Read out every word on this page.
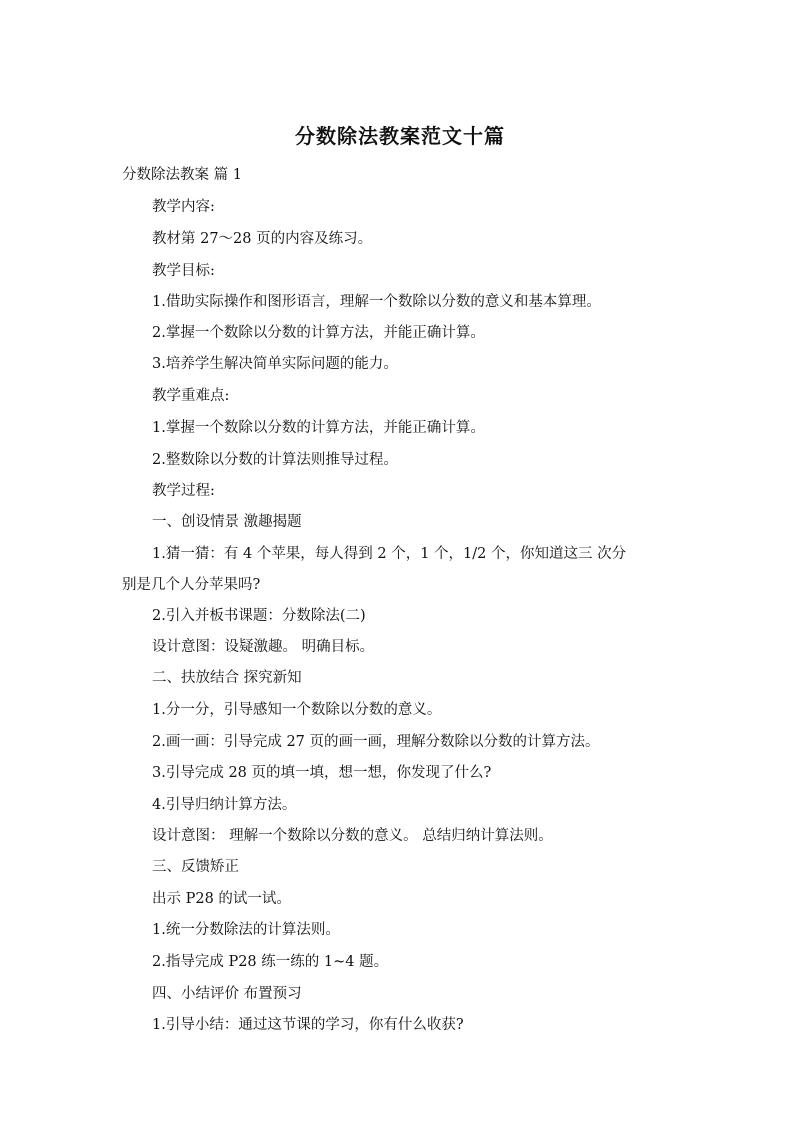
分数除法教案范文十篇
分数除法教案 篇 1
教学内容:
教材第 27～28 页的内容及练习。
教学目标:
1.借助实际操作和图形语言，理解一个数除以分数的意义和基本算理。
2.掌握一个数除以分数的计算方法，并能正确计算。
3.培养学生解决简单实际问题的能力。
教学重难点:
1.掌握一个数除以分数的计算方法，并能正确计算。
2.整数除以分数的计算法则推导过程。
教学过程:
一、创设情景 激趣揭题
1.猜一猜：有 4 个苹果，每人得到 2 个，1 个，1/2 个，你知道这三 次分
别是几个人分苹果吗?
2.引入并板书课题：分数除法(二)
设计意图：设疑激趣。 明确目标。
二、扶放结合 探究新知
1.分一分，引导感知一个数除以分数的意义。
2.画一画：引导完成 27 页的画一画，理解分数除以分数的计算方法。
3.引导完成 28 页的填一填，想一想，你发现了什么?
4.引导归纳计算方法。
设计意图： 理解一个数除以分数的意义。 总结归纳计算法则。
三、反馈矫正
出示 P28 的试一试。
1.统一分数除法的计算法则。
2.指导完成 P28 练一练的 1~4 题。
四、小结评价 布置预习
1.引导小结：通过这节课的学习，你有什么收获?
